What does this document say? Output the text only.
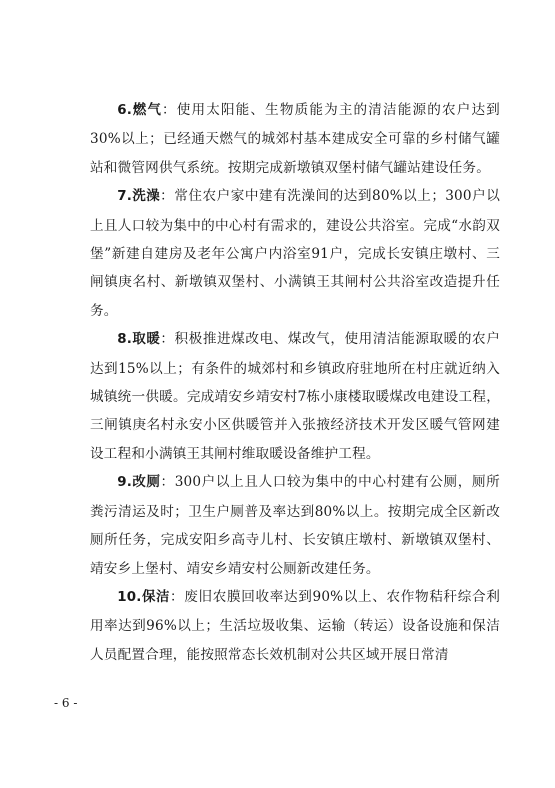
6.燃气：使用太阳能、生物质能为主的清洁能源的农户达到30%以上；已经通天燃气的城郊村基本建成安全可靠的乡村储气罐站和微管网供气系统。按期完成新墩镇双堡村储气罐站建设任务。

7.洗澡：常住农户家中建有洗澡间的达到80%以上；300户以上且人口较为集中的中心村有需求的，建设公共浴室。完成“水韵双堡”新建自建房及老年公寓户内浴室91户，完成长安镇庄墩村、三闸镇庚名村、新墩镇双堡村、小满镇王其闸村公共浴室改造提升任务。

8.取暖：积极推进煤改电、煤改气，使用清洁能源取暖的农户达到15%以上；有条件的城郊村和乡镇政府驻地所在村庄就近纳入城镇统一供暖。完成靖安乡靖安村7栋小康楼取暖煤改电建设工程，三闸镇庚名村永安小区供暖管并入张掖经济技术开发区暖气管网建设工程和小满镇王其闸村维取暖设备维护工程。

9.改厕：300户以上且人口较为集中的中心村建有公厕，厕所粪污清运及时；卫生户厕普及率达到80%以上。按期完成全区新改厕所任务，完成安阳乡高寺儿村、长安镇庄墩村、新墩镇双堡村、靖安乡上堡村、靖安乡靖安村公厕新改建任务。

10.保洁：废旧农膜回收率达到90%以上、农作物秸秆综合利用率达到96%以上；生活垃圾收集、运输（转运）设备设施和保洁人员配置合理，能按照常态长效机制对公共区域开展日常清

- 6 -
